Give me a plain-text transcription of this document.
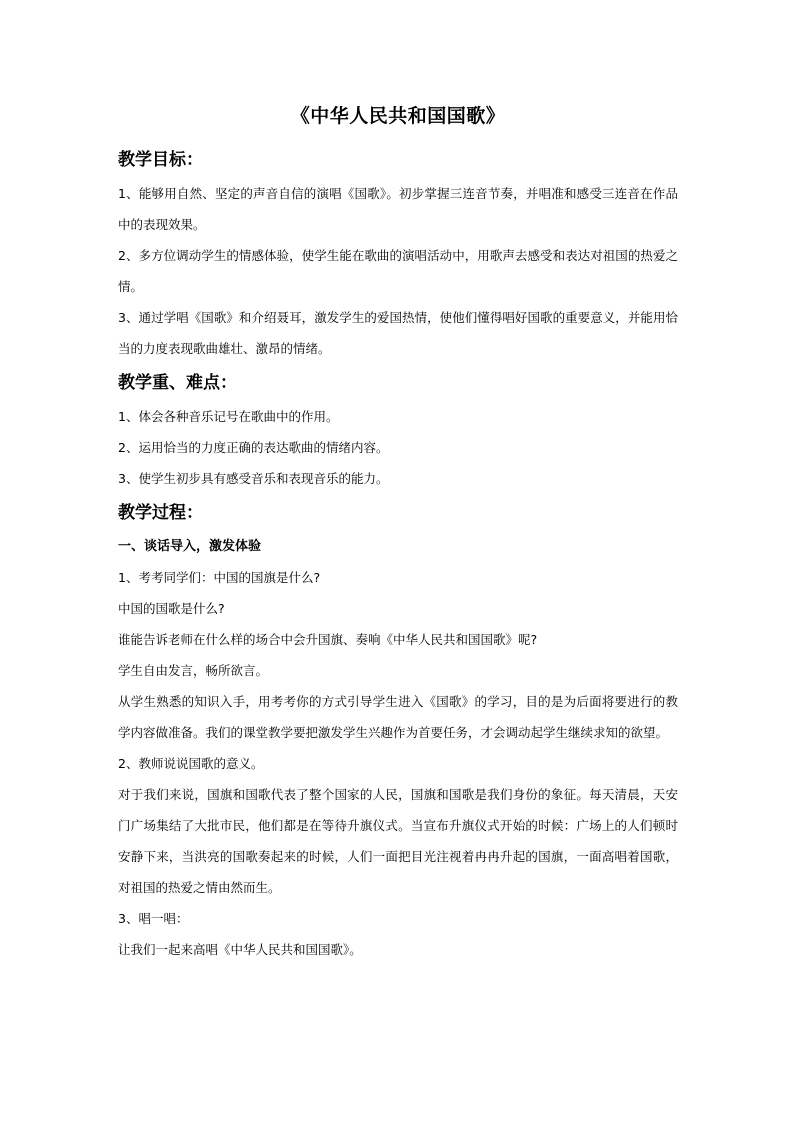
《中华人民共和国国歌》
教学目标：

1、能够用自然、坚定的声音自信的演唱《国歌》。初步掌握三连音节奏，并唱准和感受三连音在作品中的表现效果。

2、多方位调动学生的情感体验，使学生能在歌曲的演唱活动中，用歌声去感受和表达对祖国的热爱之情。

3、通过学唱《国歌》和介绍聂耳，激发学生的爱国热情，使他们懂得唱好国歌的重要意义，并能用恰当的力度表现歌曲雄壮、激昂的情绪。

教学重、难点：

1、体会各种音乐记号在歌曲中的作用。

2、运用恰当的力度正确的表达歌曲的情绪内容。

3、使学生初步具有感受音乐和表现音乐的能力。

教学过程：

一、谈话导入，激发体验

1、考考同学们：中国的国旗是什么?

中国的国歌是什么?

谁能告诉老师在什么样的场合中会升国旗、奏响《中华人民共和国国歌》呢?

学生自由发言，畅所欲言。

从学生熟悉的知识入手，用考考你的方式引导学生进入《国歌》的学习，目的是为后面将要进行的教学内容做准备。我们的课堂教学要把激发学生兴趣作为首要任务，才会调动起学生继续求知的欲望。

2、教师说说国歌的意义。

对于我们来说，国旗和国歌代表了整个国家的人民，国旗和国歌是我们身份的象征。每天清晨，天安门广场集结了大批市民，他们都是在等待升旗仪式。当宣布升旗仪式开始的时候：广场上的人们顿时安静下来，当洪亮的国歌奏起来的时候，人们一面把目光注视着冉冉升起的国旗，一面高唱着国歌，对祖国的热爱之情由然而生。

3、唱一唱：

让我们一起来高唱《中华人民共和国国歌》。
